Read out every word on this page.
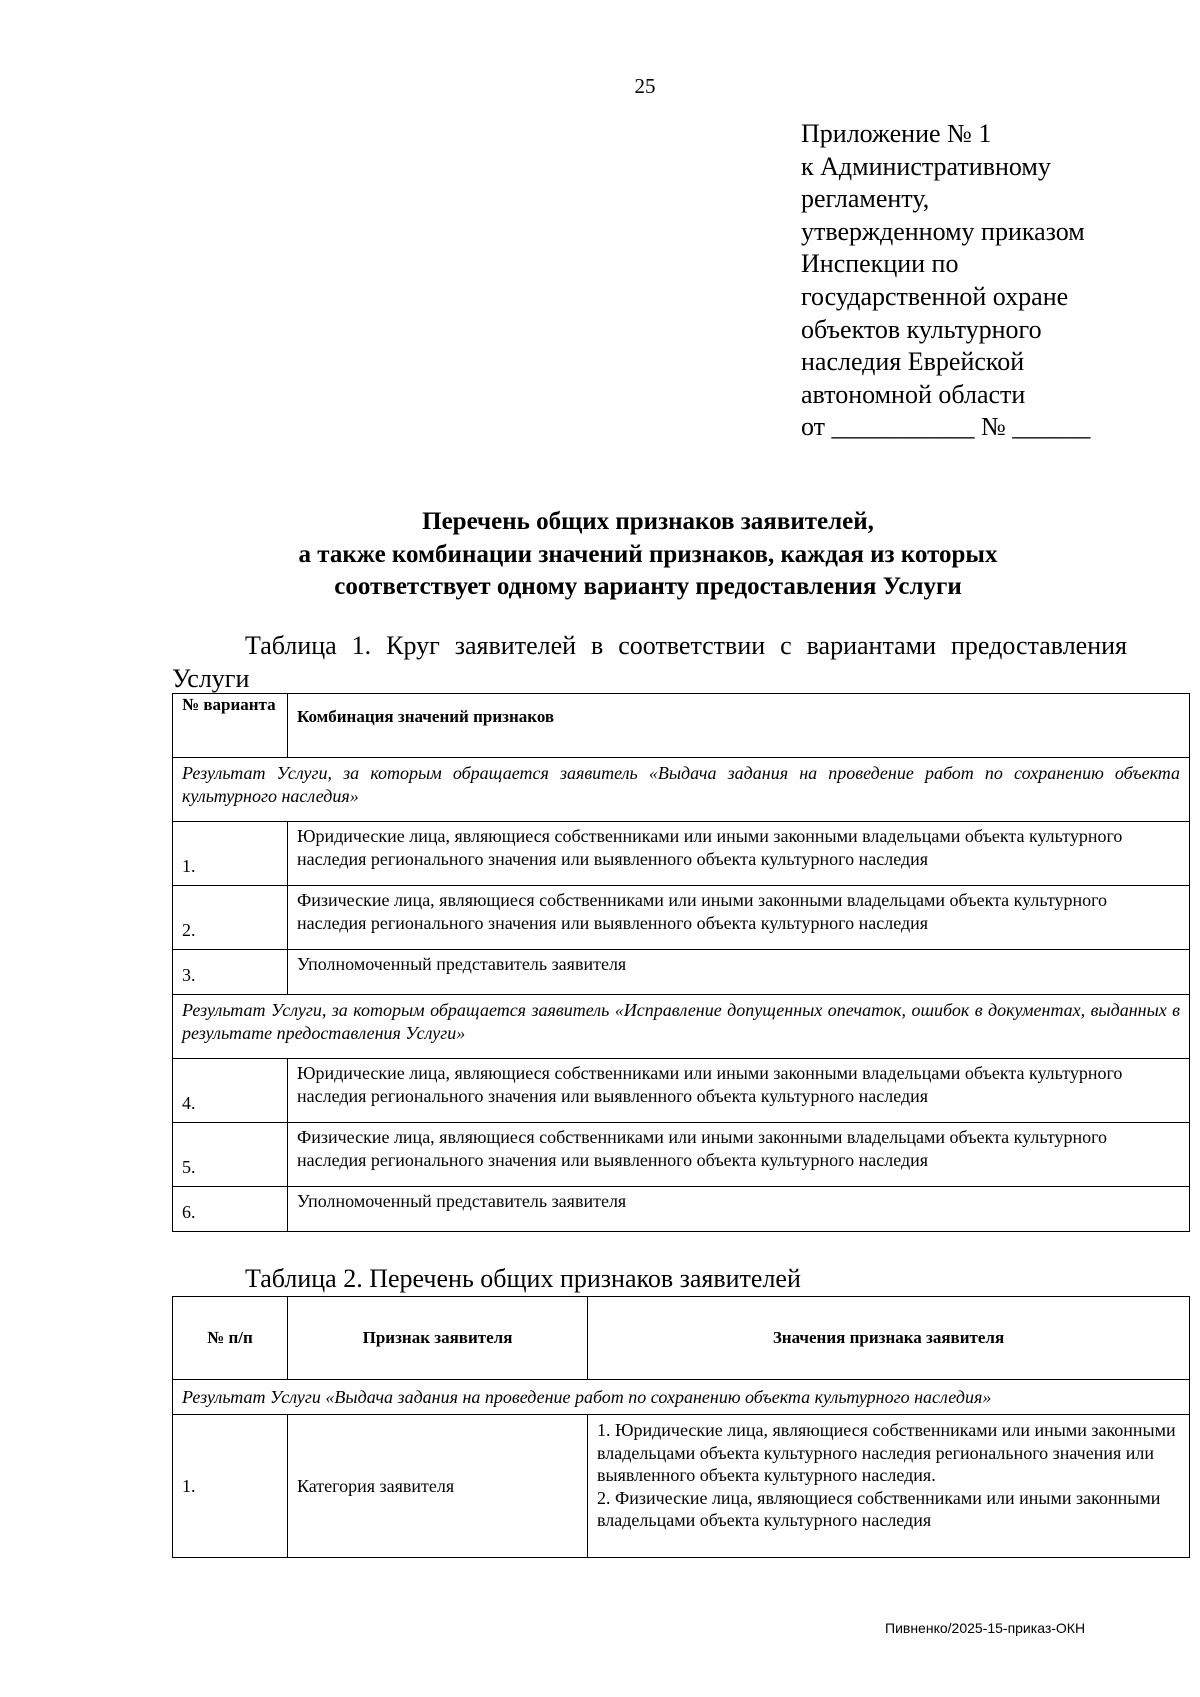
25
Приложение № 1
к Административному
регламенту,
утвержденному приказом
Инспекции по
государственной охране
объектов культурного
наследия Еврейской
автономной области
от ___________ № ______
Перечень общих признаков заявителей,
а также комбинации значений признаков, каждая из которых
соответствует одному варианту предоставления Услуги
Таблица 1. Круг заявителей в соответствии с вариантами предоставления Услуги
№ варианта	Комбинация значений признаков
Результат Услуги, за которым обращается заявитель «Выдача задания на проведение работ по сохранению объекта культурного наследия»	
1.	Юридические лица, являющиеся собственниками или иными законными владельцами объекта культурного наследия регионального значения или выявленного объекта культурного наследия
2.	Физические лица, являющиеся собственниками или иными законными владельцами объекта культурного наследия регионального значения или выявленного объекта культурного наследия
3.	Уполномоченный представитель заявителя
Результат Услуги, за которым обращается заявитель «Исправление допущенных опечаток, ошибок в документах, выданных в результате предоставления Услуги»	
4.	Юридические лица, являющиеся собственниками или иными законными владельцами объекта культурного наследия регионального значения или выявленного объекта культурного наследия
5.	Физические лица, являющиеся собственниками или иными законными владельцами объекта культурного наследия регионального значения или выявленного объекта культурного наследия
6.	Уполномоченный представитель заявителя
Таблица 2. Перечень общих признаков заявителей
№ п/п	Признак заявителя	Значения признака заявителя
Результат Услуги «Выдача задания на проведение работ по сохранению объекта культурного наследия»		
1.	Категория заявителя	1. Юридические лица, являющиеся собственниками или иными законными владельцами объекта культурного наследия регионального значения или выявленного объекта культурного наследия.
2. Физические лица, являющиеся собственниками или иными законными владельцами объекта культурного наследия
Пивненко/2025-15-приказ-ОКН
